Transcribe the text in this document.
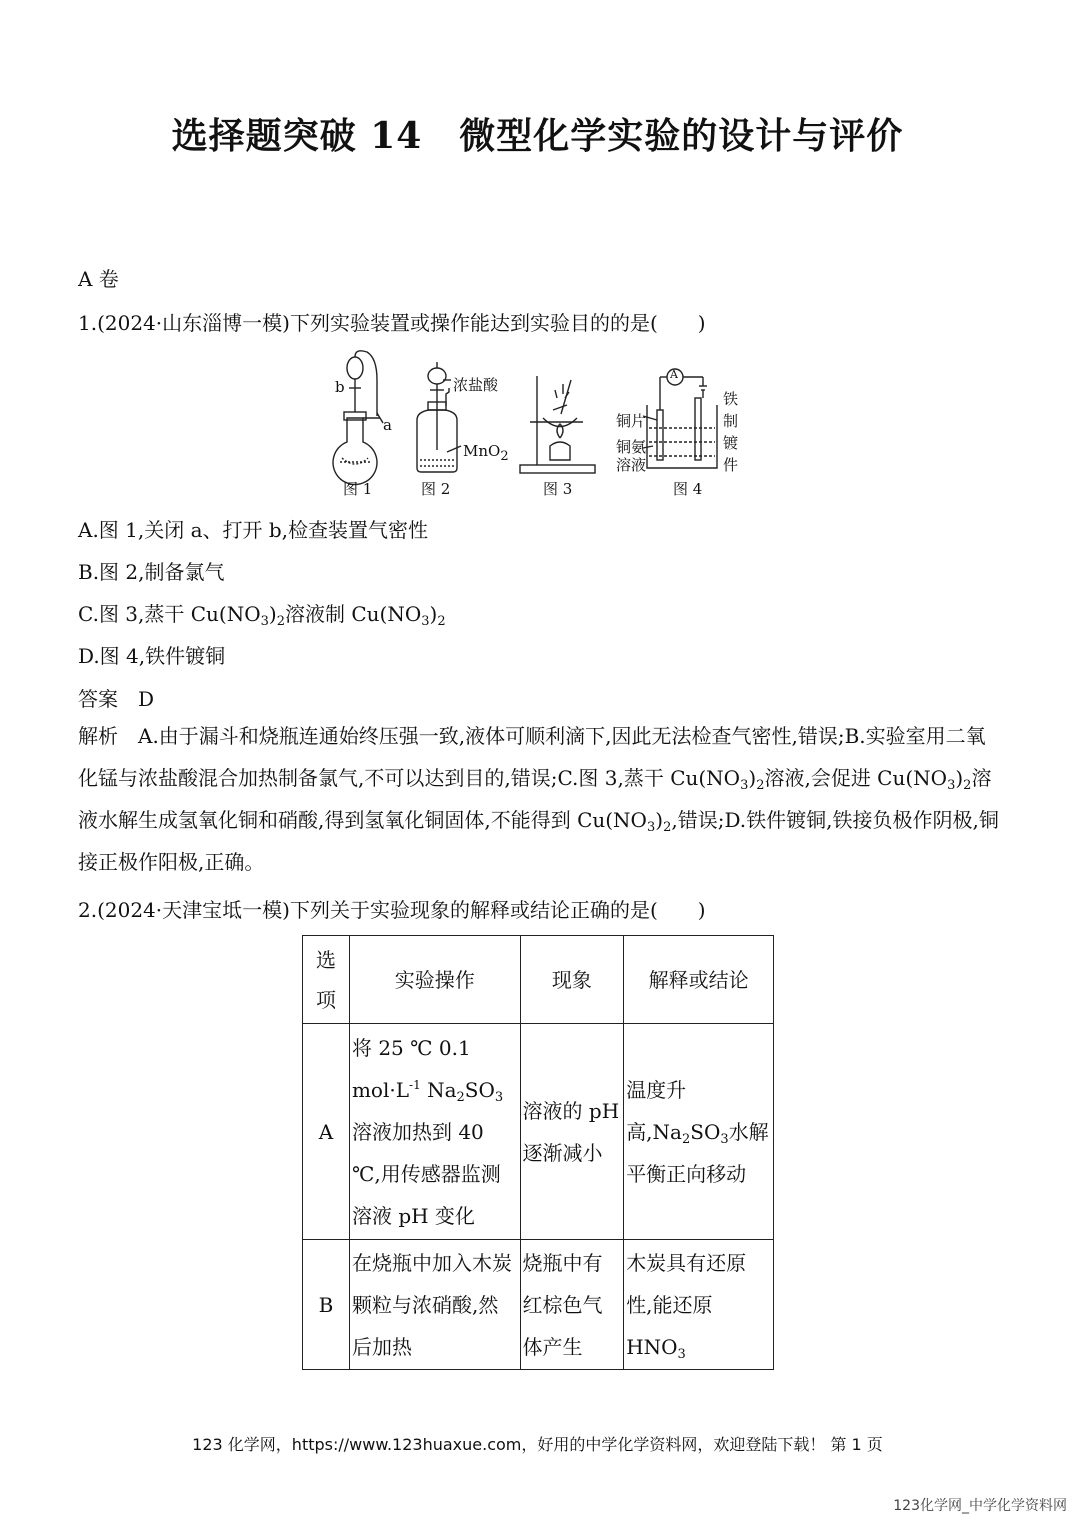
选择题突破 14　微型化学实验的设计与评价
A 卷
1.(2024·山东淄博一模)下列实验装置或操作能达到实验目的的是(　　)
b
a
浓盐酸
MnO$_2$
A
铜片
铜氨
溶液
铁制镀件
图 1	图 2	图 3	图 4
A.图 1,关闭 a、打开 b,检查装置气密性
B.图 2,制备氯气
C.图 3,蒸干 $Cu(NO_3)_2$溶液制 $Cu(NO_3)_2$
D.图 4,铁件镀铜
答案　D
解析　A.由于漏斗和烧瓶连通始终压强一致,液体可顺利滴下,因此无法检查气密性,错误;B.实验室用二氧化锰与浓盐酸混合加热制备氯气,不可以达到目的,错误;C.图 3,蒸干 $Cu(NO_3)_2$溶液,会促进 $Cu(NO_3)_2$溶液水解生成氢氧化铜和硝酸,得到氢氧化铜固体,不能得到 $Cu(NO_3)_2$,错误;D.铁件镀铜,铁接负极作阴极,铜接正极作阳极,正确。
2.(2024·天津宝坻一模)下列关于实验现象的解释或结论正确的是(　　)
选项	实验操作	现象	解释或结论
A	将 25 ℃ 0.1 $mol\cdot L^{-1}$ $Na_2SO_3$溶液加热到 40 ℃,用传感器监测溶液 pH 变化	溶液的 pH 逐渐减小	温度升高$,Na_2SO_3$水解平衡正向移动
B	在烧瓶中加入木炭颗粒与浓硝酸,然后加热	烧瓶中有红棕色气体产生	木炭具有还原性,能还原 $HNO_3$
123 化学网，https://www.123huaxue.com，好用的中学化学资料网，欢迎登陆下载！ 第 1 页
123化学网_中学化学资料网
